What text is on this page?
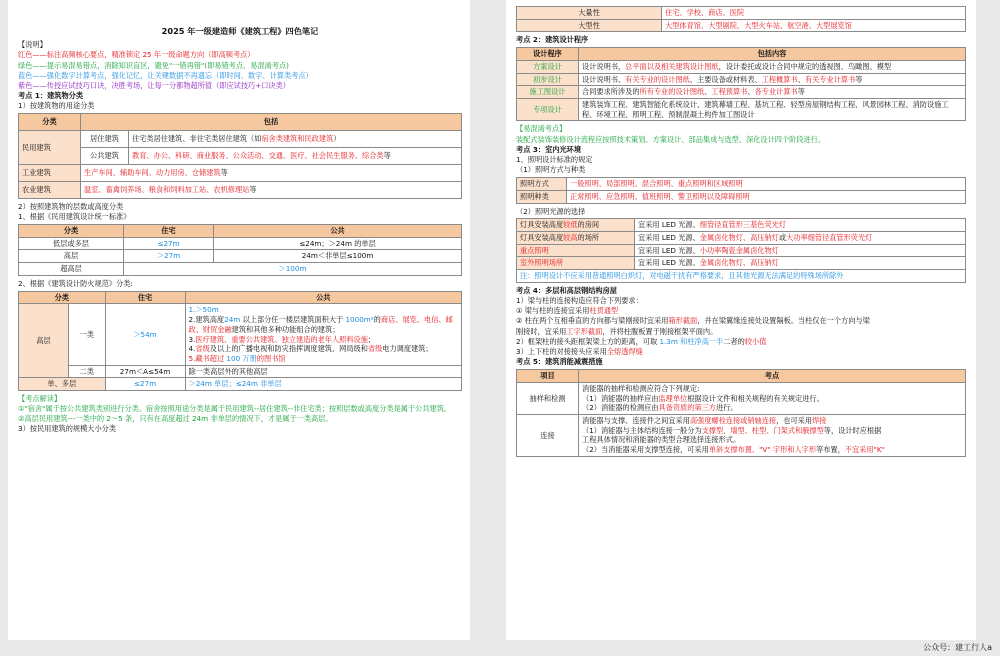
2025 年一级建造师《建筑工程》四色笔记
【说明】
红色——标注高频核心要点，精准锁定 25 年一级命题方向（即高频考点）
绿色——提示易混易错点，消除知识盲区，避免"一错再错"(即易错考点、易混淆考点)
蓝色——强化数字计算考点，强化记忆，让关键数据不再遗忘（即时间、数字、计算类考点）
紫色——传授应试技巧口诀，决胜考场，让每一分都物超所值（即应试技巧+口诀类）
考点 1：建筑物分类
1）按建筑物的用途分类
分类	包括	
民用建筑	居住建筑	住宅类居住建筑、非住宅类居住建筑（如宿舍类建筑和民政建筑）
	公共建筑	教育、办公、科研、商业服务、公众活动、交通、医疗、社会民生服务、综合类等
工业建筑	生产车间、辅助车间、动力用房、仓储建筑等	
农业建筑	温室、畜禽饲养场、粮食和饲料加工站、农机修理站等	
2）按照建筑物的层数或高度分类
1、根据《民用建筑设计统一标准》
分类	住宅	公共
低层或多层	≤27m	≤24m；＞24m 的单层
高层	＞27m	24m＜非单层≤100m
超高层	＞100m	
2、根据《建筑设计防火规范》分类:
分类		住宅	公共
高层	一类	＞54m	1.＞50m
2.建筑高度24m 以上部分任一楼层建筑面积大于 1000m²的商店、展览、电信、邮政、财贸金融建筑和其他多种功能组合的建筑；
3.医疗建筑、重要公共建筑、独立建造的老年人照料设施；
4.省级及以上的广播电视和防灾指挥调度建筑、网局级和省级电力调度建筑；
5.藏书超过 100 万册的图书馆

	二类	27m＜A≤54m	除一类高层外的其他高层
单、多层		≤27m	＞24m 单层；≤24m 非单层
【考点解读】
①"宿舍"属于按公共建筑类别进行分类。宿舍按照用途分类是属于民用建筑--居住建筑--非住宅类；按照层数或高度分类是属于公共建筑。
②高层民用建筑---一类中的 2～5 条，只有在高度超过 24m 非单层的情况下，才是属于一类高层。
3）按民用建筑的规模大小分类
大量性	住宅、学校、商店、医院
大型性	大型体育馆、大型剧院、大型火车站、航空港、大型展览馆
考点 2：建筑设计程序
设计程序	包括内容
方案设计	设计说明书，总平面以及相关建筑设计图纸，设计委托或设计合同中规定的透视图、鸟瞰图、模型
初步设计	设计说明书、有关专业的设计图纸、主要设备或材料表、工程概算书、有关专业计算书等
施工图设计	合同要求所涉及的所有专业的设计图纸、工程预算书、各专业计算书等
专项设计	建筑装饰工程、建筑智能化系统设计、建筑幕墙工程、基坑工程、轻型房屋钢结构工程、风景园林工程、消防设施工程、环境工程、照明工程、预制混凝土构件加工图设计
【易混淆考点】
装配式装饰装修设计流程应按照技术策划、方案设计、部品集成与选型、深化设计四个阶段进行。
考点 3：室内光环境
1、照明设计标准的规定
（1）照明方式与种类
照明方式	一般照明、局部照明、混合照明、重点照明和区域照明
照明种类	正常照明、应急照明、值班照明、警卫照明以及障碍照明
（2）照明光源的选择
灯具安装高度较低的房间	宜采用 LED 光源、细管径直管形三基色荧光灯
灯具安装高度较高的场所	宜采用 LED 光源、金属卤化物灯、高压钠灯或大功率细管径直管形荧光灯
重点照明	宜采用 LED 光源、小功率陶瓷金属卤化物灯
室外照明场所	宜采用 LED 光源、金属卤化物灯、高压钠灯
注：照明设计不应采用普通照明白炽灯，对电磁干扰有严格要求，且其他光源无法满足的特殊场所除外	
考点 4：多层和高层钢结构房屋
1）梁与柱的连接构造应符合下列要求：
① 梁与柱的连接宜采用柱贯通型
② 柱在两个互相垂直的方向都与梁刚接时宜采用箱形截面，并在梁翼缘连接处设置隔板。当柱仅在一个方向与梁
刚接时，宜采用工字形截面，并将柱腹板置于刚接框架平面内。
2）框架柱的接头距框架梁上方的距离，可取 1.3m 和柱净高一半二者的较小值
3）上下柱的对接接头应采用全熔透焊缝
考点 5：建筑消能减震措施
项目	考点
抽样和检测	消能器的抽样和检测应符合下列规定:
（1）消能器的抽样应由监理单位根据设计文件和相关规程的有关规定进行。
（2）消能器的检测应由具备资质的第三方进行。

连接	消能器与支撑、连接件之间宜采用高强度螺栓连接或销轴连接，也可采用焊接
（1）消能器与主体结构连接一般分为支撑型、墙型、柱型、门架式和腋撑型等，设计时应根据
工程具体情况和消能器的类型合理选择连接形式。
（2）当消能器采用支撑型连接，可采用单斜支撑布置、"V" 字形和人字形等布置，不宜采用"K"
公众号：建工行人a
